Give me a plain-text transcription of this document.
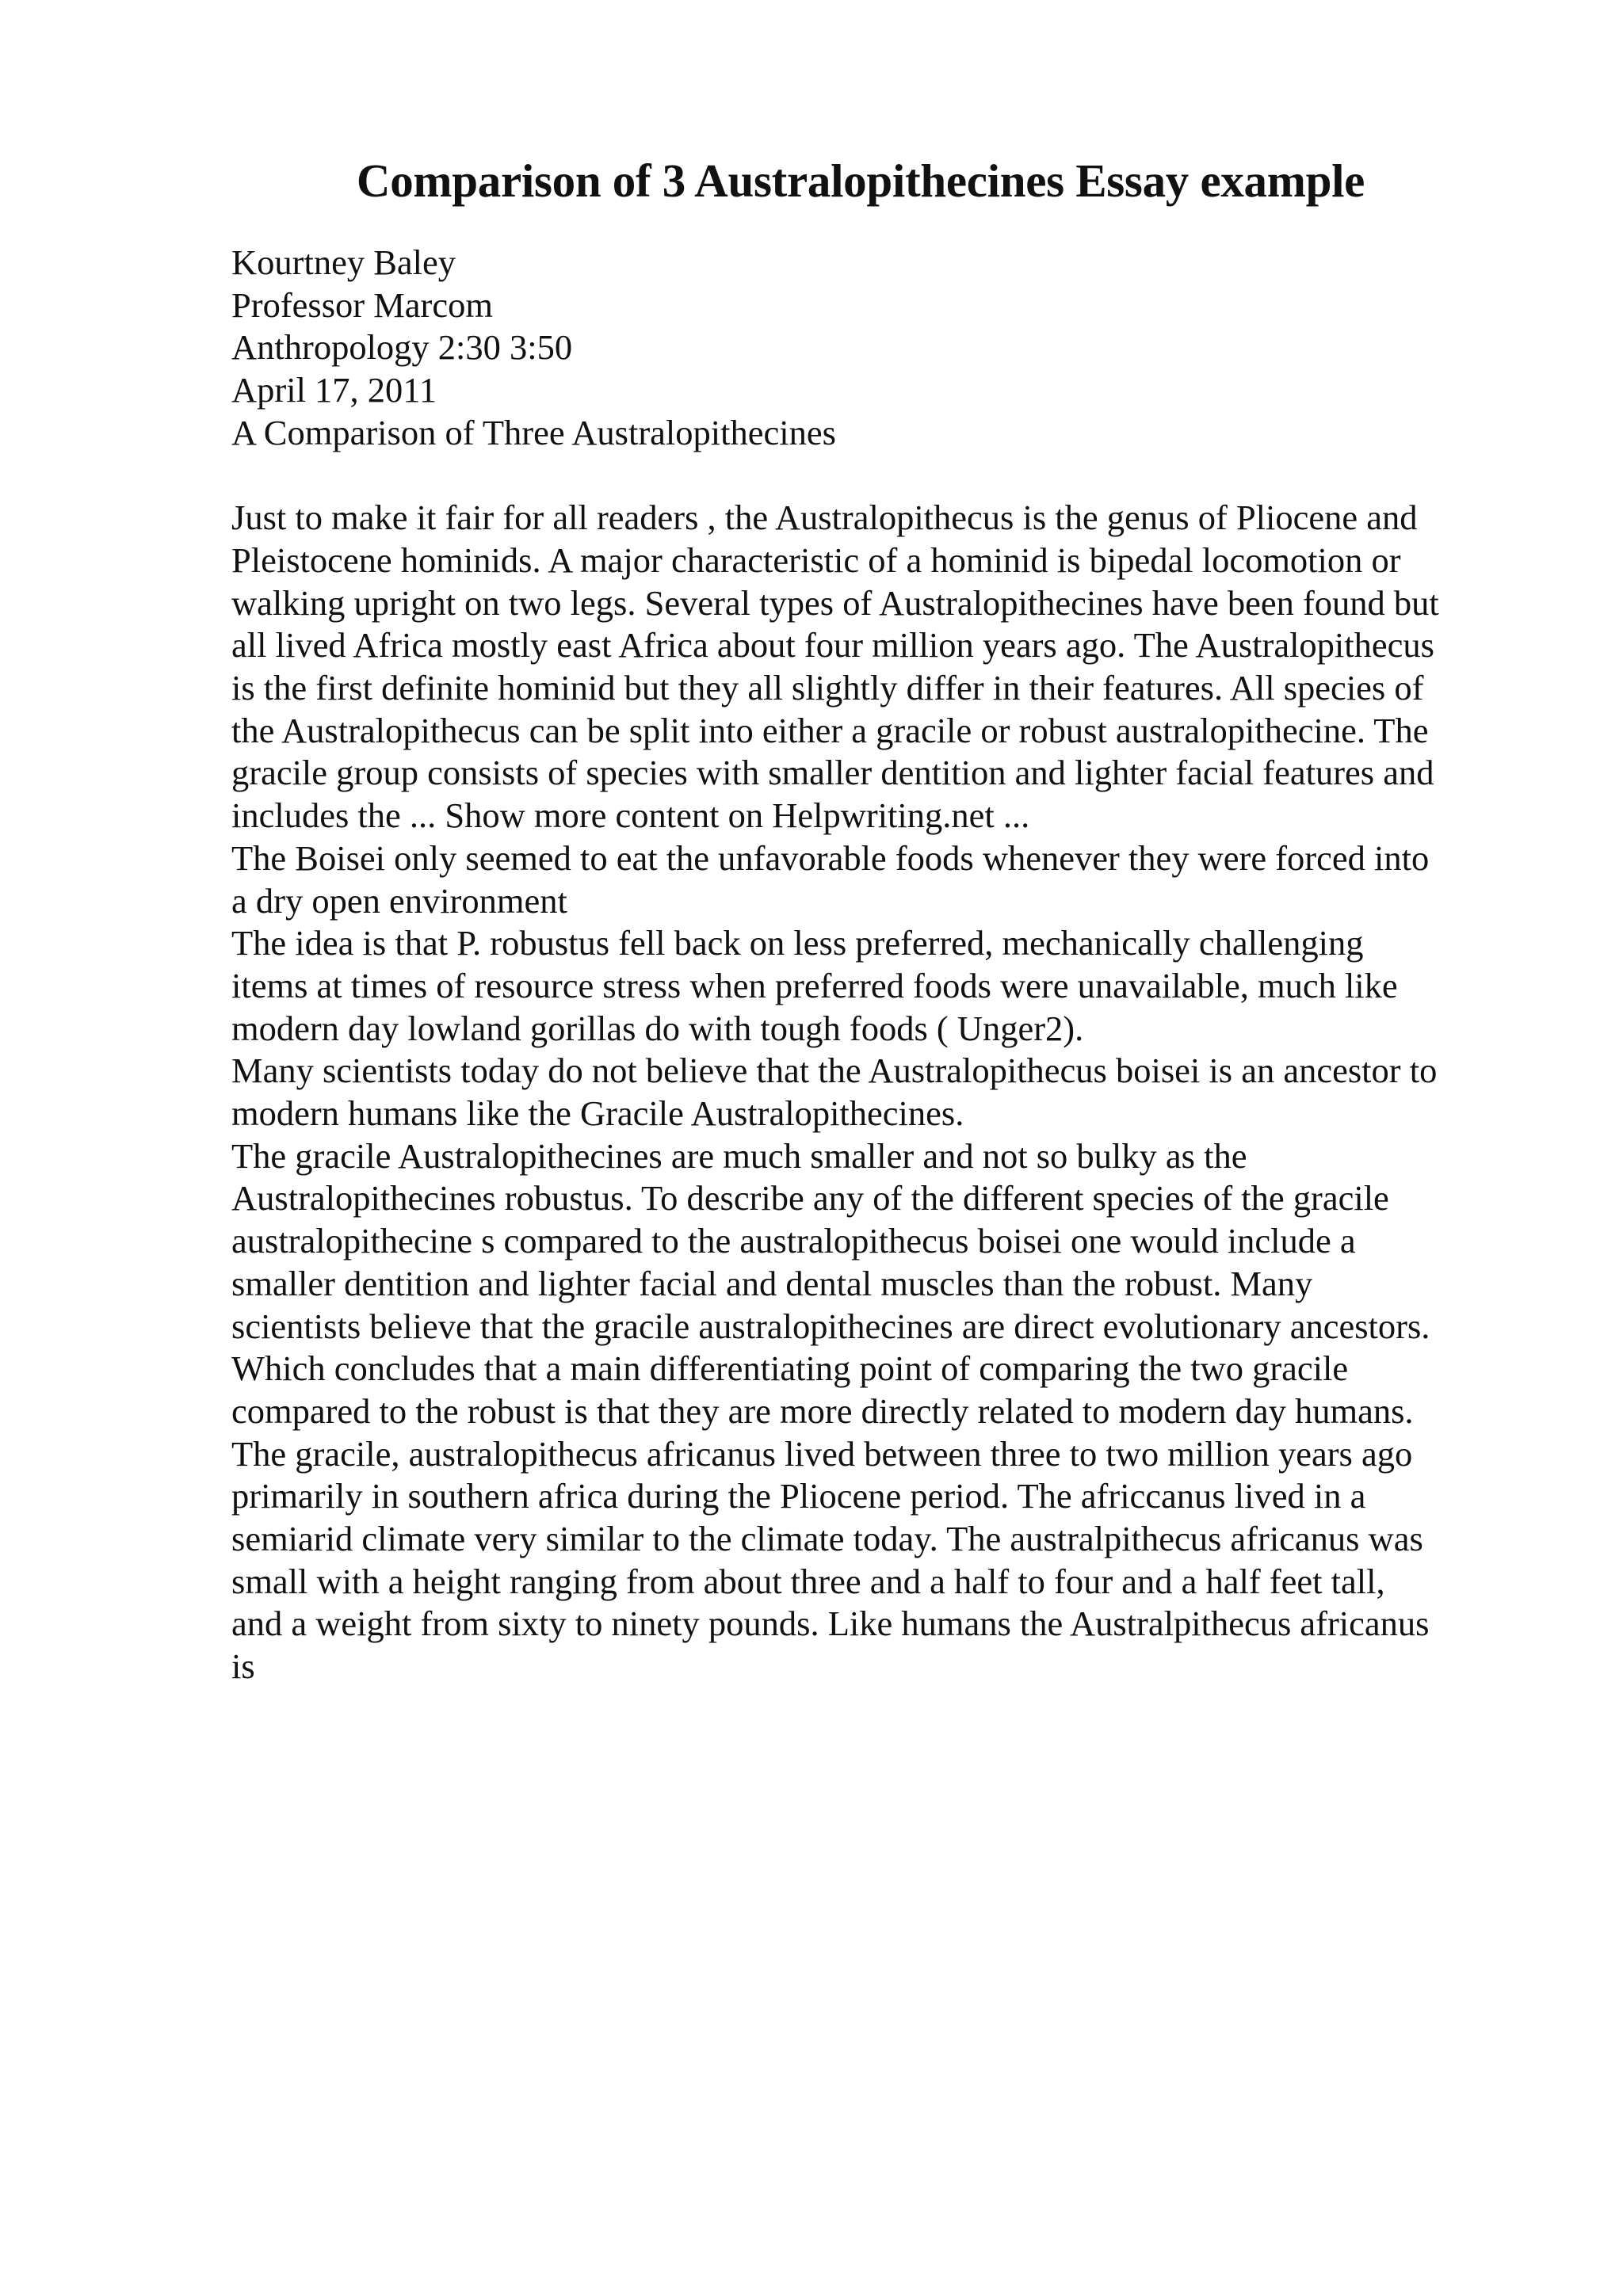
Comparison of 3 Australopithecines Essay example
Kourtney Baley
Professor Marcom
Anthropology 2:30 3:50
April 17, 2011
A Comparison of Three Australopithecines
Just to make it fair for all readers , the Australopithecus is the genus of Pliocene and
Pleistocene hominids. A major characteristic of a hominid is bipedal locomotion or
walking upright on two legs. Several types of Australopithecines have been found but
all lived Africa mostly east Africa about four million years ago. The Australopithecus
is the first definite hominid but they all slightly differ in their features. All species of
the Australopithecus can be split into either a gracile or robust australopithecine. The
gracile group consists of species with smaller dentition and lighter facial features and
includes the ... Show more content on Helpwriting.net ...
The Boisei only seemed to eat the unfavorable foods whenever they were forced into
a dry open environment
The idea is that P. robustus fell back on less preferred, mechanically challenging
items at times of resource stress when preferred foods were unavailable, much like
modern day lowland gorillas do with tough foods ( Unger2).
Many scientists today do not believe that the Australopithecus boisei is an ancestor to
modern humans like the Gracile Australopithecines.
The gracile Australopithecines are much smaller and not so bulky as the
Australopithecines robustus. To describe any of the different species of the gracile
australopithecine s compared to the australopithecus boisei one would include a
smaller dentition and lighter facial and dental muscles than the robust. Many
scientists believe that the gracile australopithecines are direct evolutionary ancestors.
Which concludes that a main differentiating point of comparing the two gracile
compared to the robust is that they are more directly related to modern day humans.
The gracile, australopithecus africanus lived between three to two million years ago
primarily in southern africa during the Pliocene period. The africcanus lived in a
semiarid climate very similar to the climate today. The australpithecus africanus was
small with a height ranging from about three and a half to four and a half feet tall,
and a weight from sixty to ninety pounds. Like humans the Australpithecus africanus
is
